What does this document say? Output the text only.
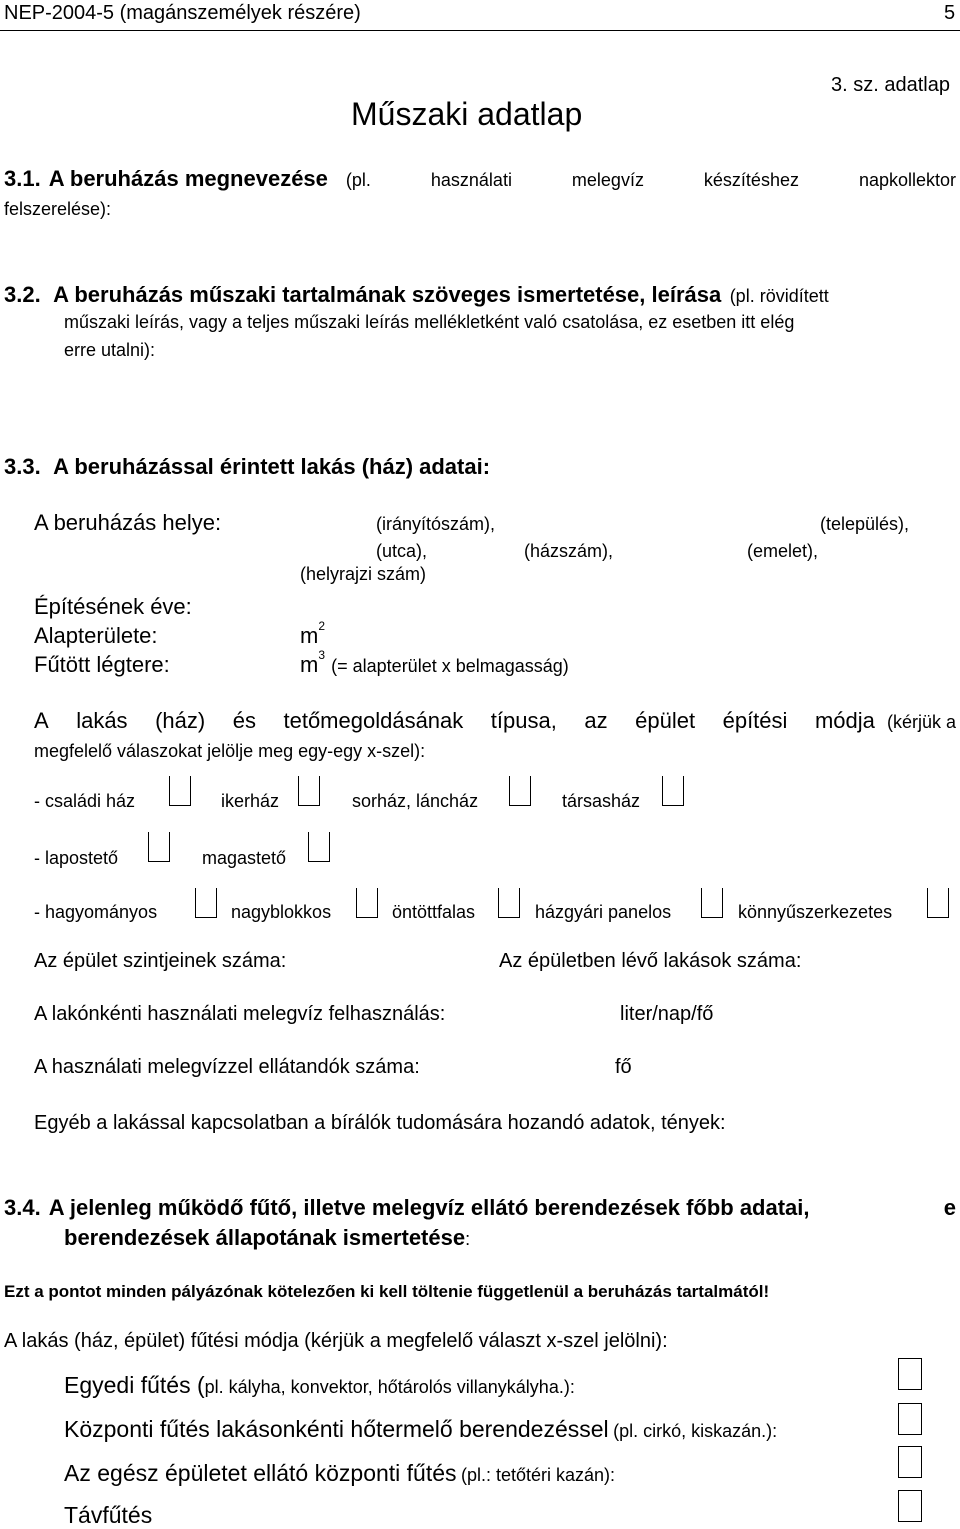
NEP-2004-5 (magánszemélyek részére)	5
3. sz. adatlap
Műszaki adatlap
3.1. A beruházás megnevezése (pl.	használati	melegvíz	készítéshez	napkollektor
felszerelése):
3.2. A beruházás műszaki tartalmának szöveges ismertetése, leírása (pl. rövidített
műszaki leírás, vagy a teljes műszaki leírás mellékletként való csatolása, ez esetben itt elég
erre utalni):
3.3. A beruházással érintett lakás (ház) adatai:
A beruházás helye:	(irányítószám),	(település),
(utca),	(házszám),	(emelet),
(helyrajzi szám)
Építésének éve:
Alapterülete:	$m^2$
Fűtött légtere:	$m^3$ (= alapterület x belmagasság)
A lakás (ház) és tetőmegoldásának típusa, az épület építési módja (kérjük a
megfelelő válaszokat jelölje meg egy-egy x-szel):
- családi ház	ikerház	sorház, láncház	társasház
- lapostető	magastető
- hagyományos	nagyblokkos	öntöttfalas	házgyári panelos	könnyűszerkezetes
Az épület szintjeinek száma:	Az épületben lévő lakások száma:
A lakónkénti használati melegvíz felhasználás:	liter/nap/fő
A használati melegvízzel ellátandók száma:	fő
Egyéb a lakással kapcsolatban a bírálók tudomására hozandó adatok, tények:
3.4. A jelenleg működő fűtő, illetve melegvíz ellátó berendezések főbb adatai,	e
berendezések állapotának ismertetése:
Ezt a pontot minden pályázónak kötelezően ki kell töltenie függetlenül a beruházás tartalmától!
A lakás (ház, épület) fűtési módja (kérjük a megfelelő választ x-szel jelölni):
Egyedi fűtés (pl. kályha, konvektor, hőtárolós villanykályha.):
Központi fűtés lakásonkénti hőtermelő berendezéssel (pl. cirkó, kiskazán.):
Az egész épületet ellátó központi fűtés (pl.: tetőtéri kazán):
Távfűtés
